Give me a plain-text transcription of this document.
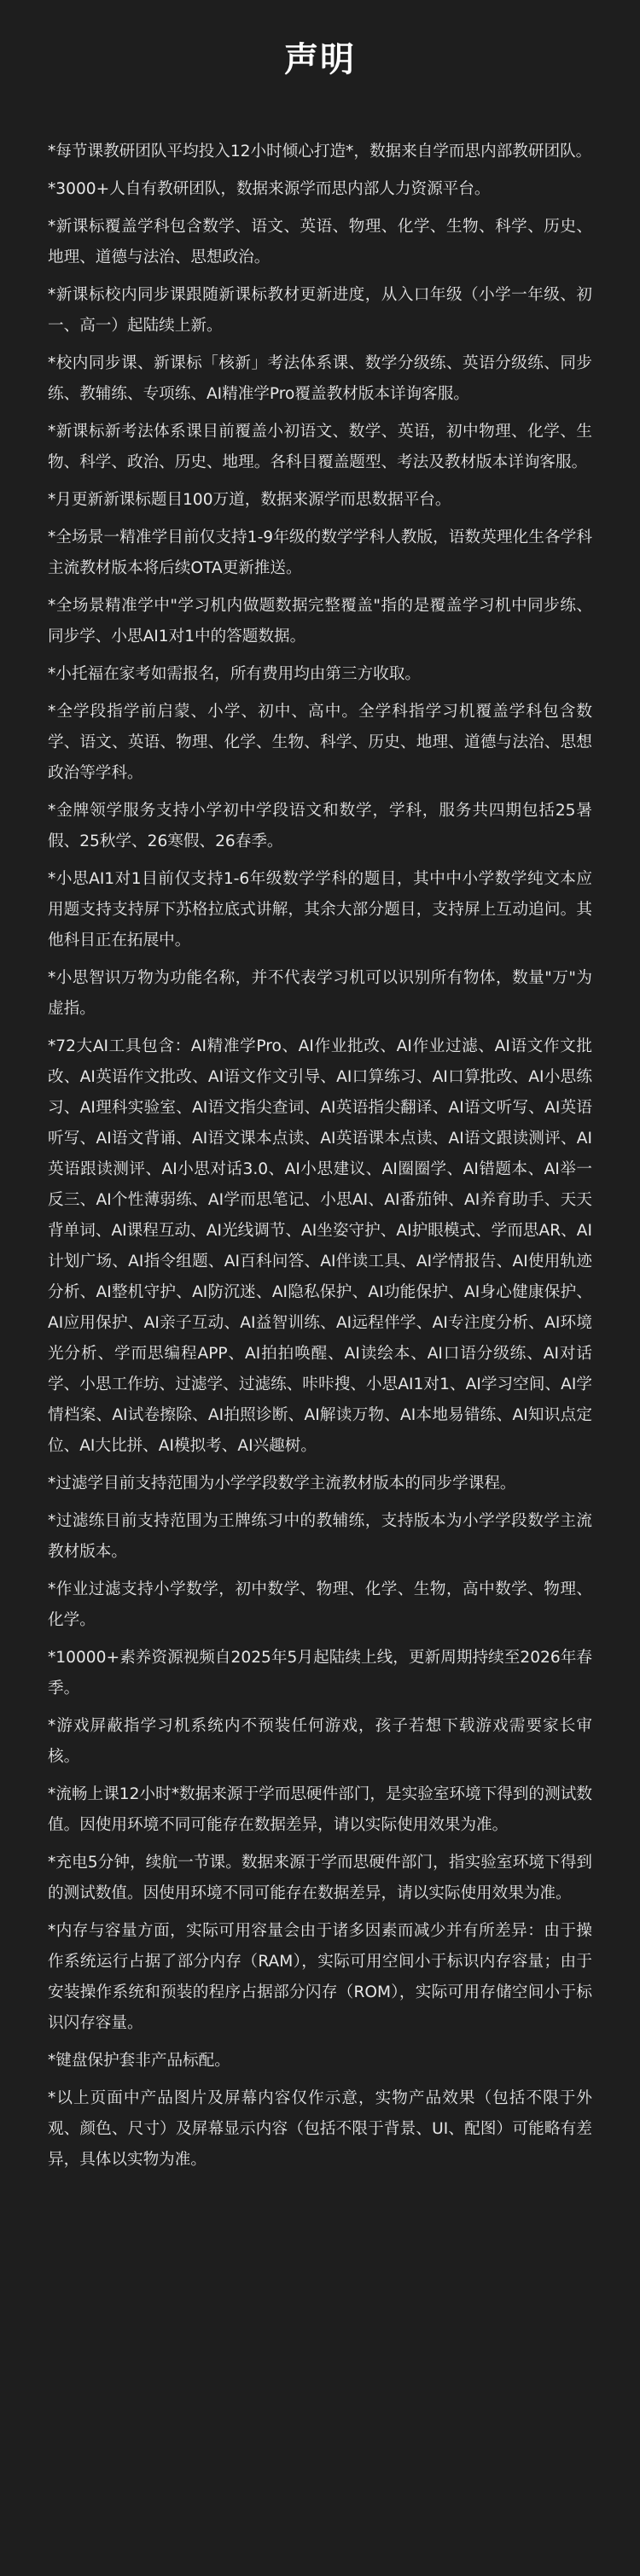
声明

*每节课教研团队平均投入12小时倾心打造*，数据来自学而思内部教研团队。

*3000+人自有教研团队，数据来源学而思内部人力资源平台。

*新课标覆盖学科包含数学、语文、英语、物理、化学、生物、科学、历史、地理、道德与法治、思想政治。

*新课标校内同步课跟随新课标教材更新进度，从入口年级（小学一年级、初一、高一）起陆续上新。

*校内同步课、新课标「核新」考法体系课、数学分级练、英语分级练、同步练、教辅练、专项练、AI精准学Pro覆盖教材版本详询客服。

*新课标新考法体系课目前覆盖小初语文、数学、英语，初中物理、化学、生物、科学、政治、历史、地理。各科目覆盖题型、考法及教材版本详询客服。

*月更新新课标题目100万道，数据来源学而思数据平台。

*全场景一精准学目前仅支持1-9年级的数学学科人教版，语数英理化生各学科主流教材版本将后续OTA更新推送。

*全场景精准学中"学习机内做题数据完整覆盖"指的是覆盖学习机中同步练、同步学、小思AI1对1中的答题数据。

*小托福在家考如需报名，所有费用均由第三方收取。

*全学段指学前启蒙、小学、初中、高中。全学科指学习机覆盖学科包含数学、语文、英语、物理、化学、生物、科学、历史、地理、道德与法治、思想政治等学科。

*金牌领学服务支持小学初中学段语文和数学，学科，服务共四期包括25暑假、25秋学、26寒假、26春季。

*小思AI1对1目前仅支持1-6年级数学学科的题目，其中中小学数学纯文本应用题支持支持屏下苏格拉底式讲解，其余大部分题目，支持屏上互动追问。其他科目正在拓展中。

*小思智识万物为功能名称，并不代表学习机可以识别所有物体，数量"万"为虚指。

*72大AI工具包含：AI精准学Pro、AI作业批改、AI作业过滤、AI语文作文批改、AI英语作文批改、AI语文作文引导、AI口算练习、AI口算批改、AI小思练习、AI理科实验室、AI语文指尖查词、AI英语指尖翻译、AI语文听写、AI英语听写、AI语文背诵、AI语文课本点读、AI英语课本点读、AI语文跟读测评、AI英语跟读测评、AI小思对话3.0、AI小思建议、AI圈圈学、AI错题本、AI举一反三、AI个性薄弱练、AI学而思笔记、小思AI、AI番茄钟、AI养育助手、天天背单词、AI课程互动、AI光线调节、AI坐姿守护、AI护眼模式、学而思AR、AI计划广场、AI指令组题、AI百科问答、AI伴读工具、AI学情报告、AI使用轨迹分析、AI整机守护、AI防沉迷、AI隐私保护、AI功能保护、AI身心健康保护、AI应用保护、AI亲子互动、AI益智训练、AI远程伴学、AI专注度分析、AI环境光分析、学而思编程APP、AI拍拍唤醒、AI读绘本、AI口语分级练、AI对话学、小思工作坊、过滤学、过滤练、咔咔搜、小思AI1对1、AI学习空间、AI学情档案、AI试卷擦除、AI拍照诊断、AI解读万物、AI本地易错练、AI知识点定位、AI大比拼、AI模拟考、AI兴趣树。

*过滤学目前支持范围为小学学段数学主流教材版本的同步学课程。

*过滤练目前支持范围为王牌练习中的教辅练，支持版本为小学学段数学主流教材版本。

*作业过滤支持小学数学，初中数学、物理、化学、生物，高中数学、物理、化学。

*10000+素养资源视频自2025年5月起陆续上线，更新周期持续至2026年春季。

*游戏屏蔽指学习机系统内不预装任何游戏，孩子若想下载游戏需要家长审核。

*流畅上课12小时*数据来源于学而思硬件部门，是实验室环境下得到的测试数值。因使用环境不同可能存在数据差异，请以实际使用效果为准。

*充电5分钟，续航一节课。数据来源于学而思硬件部门，指实验室环境下得到的测试数值。因使用环境不同可能存在数据差异，请以实际使用效果为准。

*内存与容量方面，实际可用容量会由于诸多因素而减少并有所差异：由于操作系统运行占据了部分内存（RAM），实际可用空间小于标识内存容量；由于安装操作系统和预装的程序占据部分闪存（ROM），实际可用存储空间小于标识闪存容量。

*键盘保护套非产品标配。

*以上页面中产品图片及屏幕内容仅作示意，实物产品效果（包括不限于外观、颜色、尺寸）及屏幕显示内容（包括不限于背景、UI、配图）可能略有差异，具体以实物为准。
